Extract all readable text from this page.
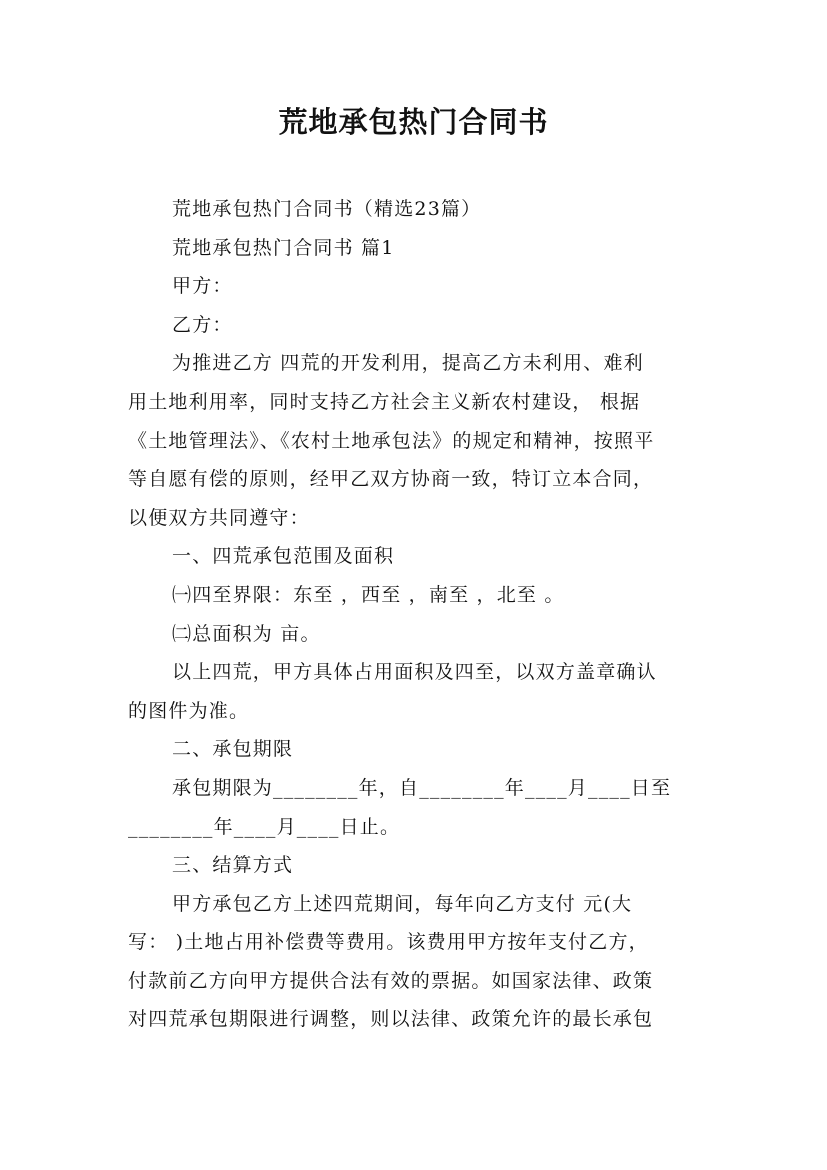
荒地承包热门合同书
荒地承包热门合同书（精选23篇）
荒地承包热门合同书 篇1
甲方：
乙方：
为推进乙方 四荒的开发利用，提高乙方未利用、难利
用土地利用率，同时支持乙方社会主义新农村建设， 根据
《土地管理法》、《农村土地承包法》的规定和精神，按照平
等自愿有偿的原则，经甲乙双方协商一致，特订立本合同，
以便双方共同遵守：
一、四荒承包范围及面积
㈠四至界限：东至 ，西至 ，南至 ，北至 。
㈡总面积为 亩。
以上四荒，甲方具体占用面积及四至，以双方盖章确认
的图件为准。
二、承包期限
承包期限为________年，自________年____月____日至
________年____月____日止。
三、结算方式
甲方承包乙方上述四荒期间，每年向乙方支付 元(大
写： )土地占用补偿费等费用。该费用甲方按年支付乙方，
付款前乙方向甲方提供合法有效的票据。如国家法律、政策
对四荒承包期限进行调整，则以法律、政策允许的最长承包
